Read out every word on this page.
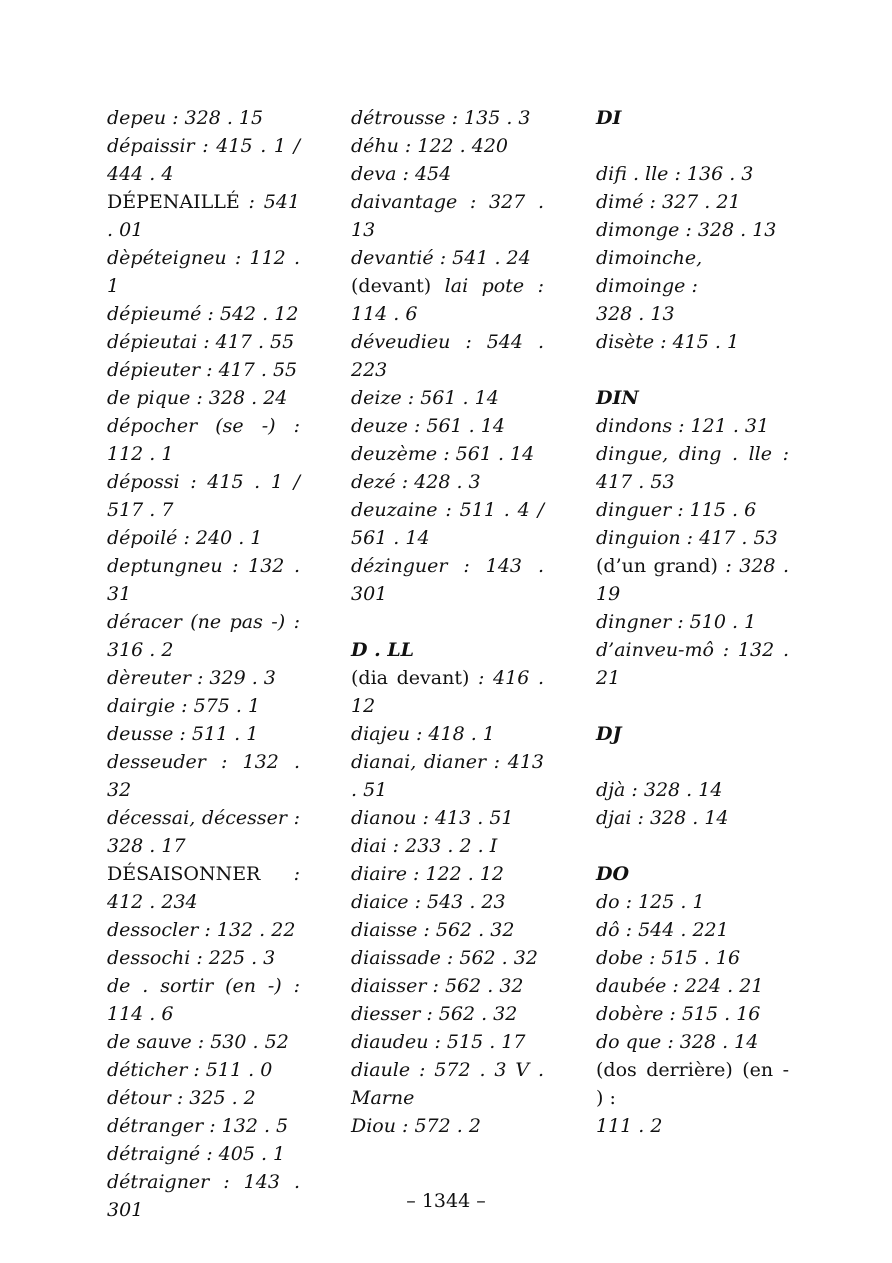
depeu : 328 . 15
dépaissir : 415 . 1 / 444 . 4
DÉPENAILLÉ : 541 . 01
dèpéteigneu : 112 . 1
dépieumé : 542 . 12
dépieutai : 417 . 55
dépieuter : 417 . 55
de pique : 328 . 24
dépocher (se -) : 112 . 1
dépossi : 415 . 1 / 517 . 7
dépoilé : 240 . 1
deptungneu : 132 . 31
déracer (ne pas -) : 316 . 2
dèreuter : 329 . 3
dairgie : 575 . 1
deusse : 511 . 1
desseuder : 132 . 32
décessai, décesser : 328 . 17
DÉSAISONNER : 412 . 234
dessocler : 132 . 22
dessochi : 225 . 3
de . sortir (en -) : 114 . 6
de sauve : 530 . 52
déticher : 511 . 0
détour : 325 . 2
détranger : 132 . 5
détraigné : 405 . 1
détraigner : 143 . 301
détrousse : 135 . 3
déhu : 122 . 420
deva : 454
daivantage : 327 . 13
devantié : 541 . 24
(devant) lai pote : 114 . 6
déveudieu : 544 . 223
deize : 561 . 14
deuze : 561 . 14
deuzème : 561 . 14
dezé : 428 . 3
deuzaine : 511 . 4 / 561 . 14
dézinguer : 143 . 301
D . LL
(dia devant) : 416 . 12
diajeu : 418 . 1
dianai, dianer : 413 . 51
dianou : 413 . 51
diai : 233 . 2 . I
diaire : 122 . 12
diaice : 543 . 23
diaisse : 562 . 32
diaissade : 562 . 32
diaisser : 562 . 32
diesser : 562 . 32
diaudeu : 515 . 17
diaule : 572 . 3 V . Marne
Diou : 572 . 2
DI
difi . lle : 136 . 3
dimé : 327 . 21
dimonge : 328 . 13
dimoinche, dimoinge :
328 . 13
disète : 415 . 1
DIN
dindons : 121 . 31
dingue, ding . lle : 417 . 53
dinguer : 115 . 6
dinguion : 417 . 53
(d’un grand) : 328 . 19
dingner : 510 . 1
d’ainveu-mô : 132 . 21
DJ
djà : 328 . 14
djai : 328 . 14
DO
do : 125 . 1
dô : 544 . 221
dobe : 515 . 16
daubée : 224 . 21
dobère : 515 . 16
do que : 328 . 14
(dos derrière) (en - ) :
111 . 2
– 1344 –
